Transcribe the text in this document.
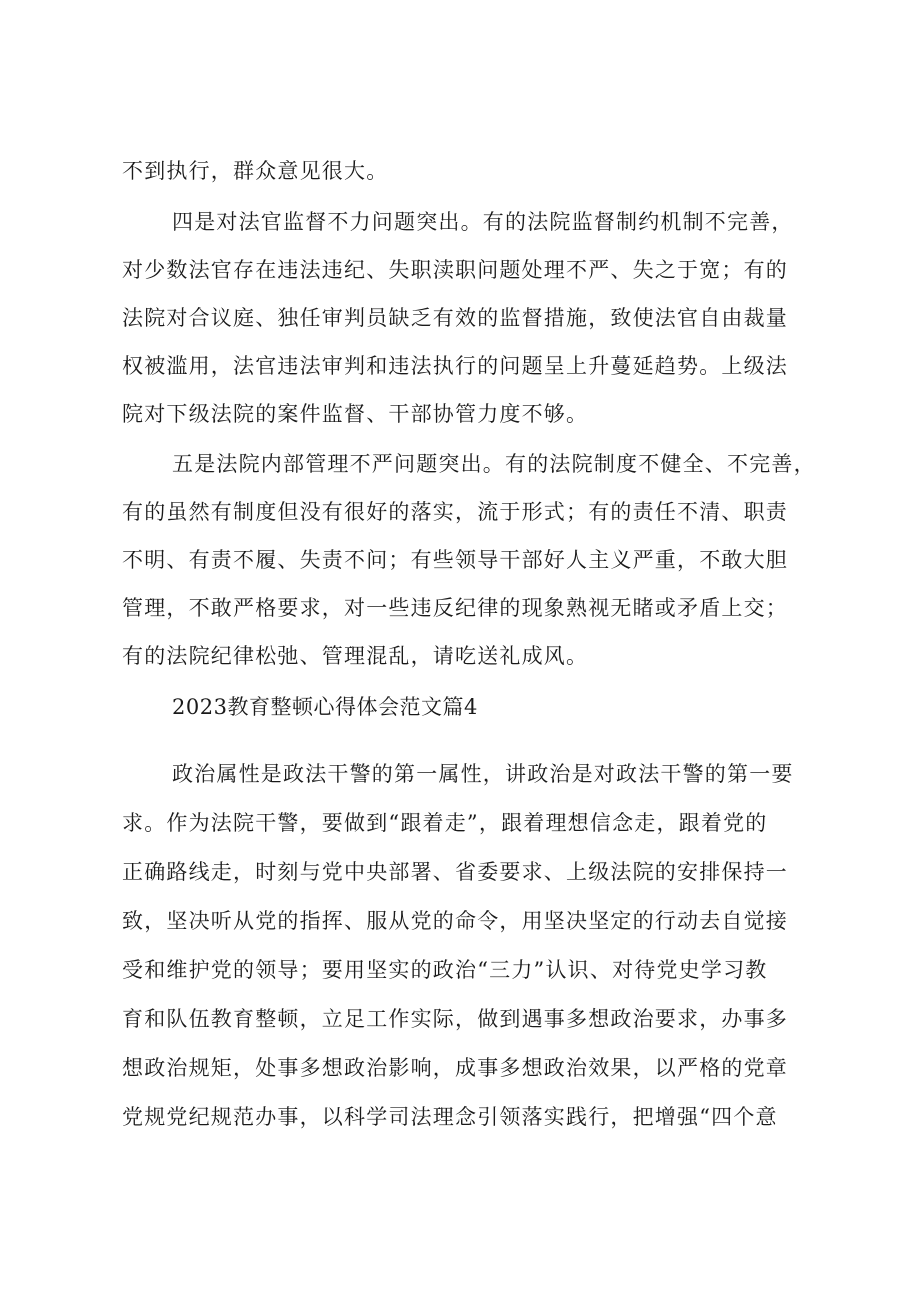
不到执行，群众意见很大。
四是对法官监督不力问题突出。有的法院监督制约机制不完善，
对少数法官存在违法违纪、失职渎职问题处理不严、失之于宽；有的
法院对合议庭、独任审判员缺乏有效的监督措施，致使法官自由裁量
权被滥用，法官违法审判和违法执行的问题呈上升蔓延趋势。上级法
院对下级法院的案件监督、干部协管力度不够。
五是法院内部管理不严问题突出。有的法院制度不健全、不完善，
有的虽然有制度但没有很好的落实，流于形式；有的责任不清、职责
不明、有责不履、失责不问；有些领导干部好人主义严重，不敢大胆
管理，不敢严格要求，对一些违反纪律的现象熟视无睹或矛盾上交；
有的法院纪律松弛、管理混乱，请吃送礼成风。
2023教育整顿心得体会范文篇4
政治属性是政法干警的第一属性，讲政治是对政法干警的第一要
求。作为法院干警，要做到“跟着走”，跟着理想信念走，跟着党的
正确路线走，时刻与党中央部署、省委要求、上级法院的安排保持一
致，坚决听从党的指挥、服从党的命令，用坚决坚定的行动去自觉接
受和维护党的领导；要用坚实的政治“三力”认识、对待党史学习教
育和队伍教育整顿，立足工作实际，做到遇事多想政治要求，办事多
想政治规矩，处事多想政治影响，成事多想政治效果，以严格的党章
党规党纪规范办事，以科学司法理念引领落实践行，把增强“四个意
